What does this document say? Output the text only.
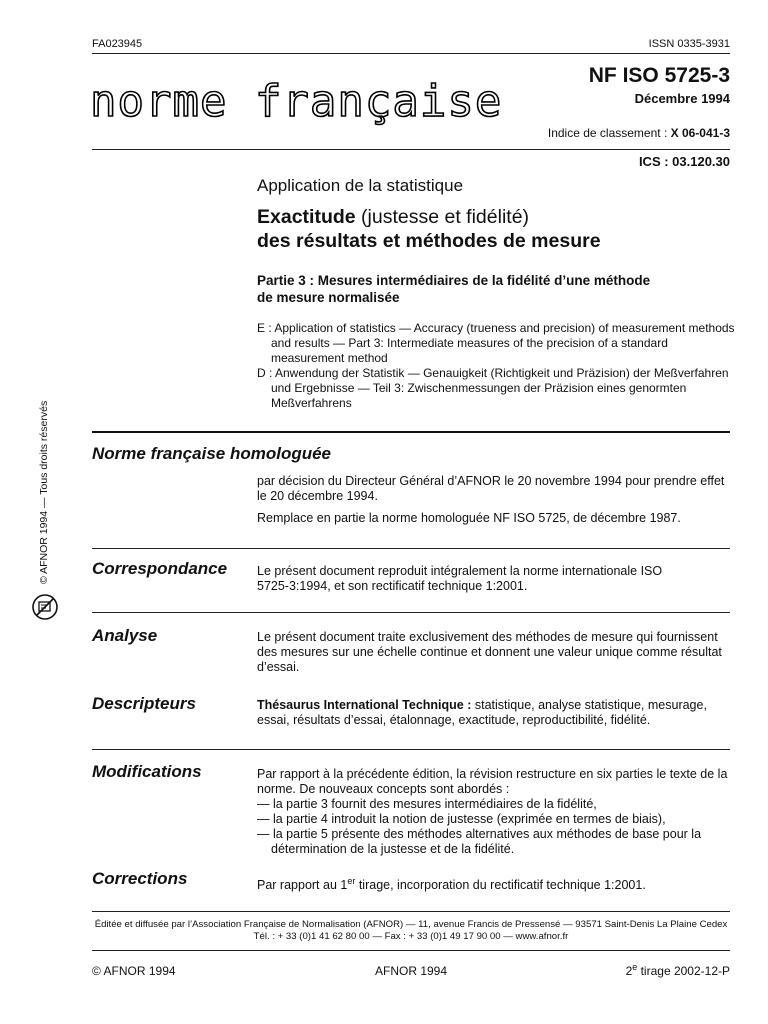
FA023945	ISSN 0335-3931
norme française
NF ISO 5725-3
Décembre 1994
Indice de classement : X 06-041-3
ICS : 03.120.30
Application de la statistique
Exactitude (justesse et fidélité)
des résultats et méthodes de mesure
Partie 3 : Mesures intermédiaires de la fidélité d’une méthode
de mesure normalisée

E : Application of statistics — Accuracy (trueness and precision) of measurement methods and results — Part 3: Intermediate measures of the precision of a standard measurement method

D : Anwendung der Statistik — Genauigkeit (Richtigkeit und Präzision) der Meßverfahren und Ergebnisse — Teil 3: Zwischenmessungen der Präzision eines genormten Meßverfahrens

© AFNOR 1994 — Tous droits réservés Norme française homologuée
par décision du Directeur Général d’AFNOR le 20 novembre 1994 pour prendre effet le 20 décembre 1994.
Remplace en partie la norme homologuée NF ISO 5725, de décembre 1987.
Correspondance Le présent document reproduit intégralement la norme internationale ISO 5725-3:1994, et son rectificatif technique 1:2001.
Analyse	Le présent document traite exclusivement des méthodes de mesure qui fournissent des mesures sur une échelle continue et donnent une valeur unique comme résultat d’essai.
Descripteurs	Thésaurus International Technique : statistique, analyse statistique, mesurage, essai, résultats d’essai, étalonnage, exactitude, reproductibilité, fidélité.
Modifications	Par rapport à la précédente édition, la révision restructure en six parties le texte de la norme. De nouveaux concepts sont abordés :
— la partie 3 fournit des mesures intermédiaires de la fidélité,
— la partie 4 introduit la notion de justesse (exprimée en termes de biais),
— la partie 5 présente des méthodes alternatives aux méthodes de base pour la détermination de la justesse et de la fidélité.
Corrections	Par rapport au 1er tirage, incorporation du rectificatif technique 1:2001.
Éditée et diffusée par l’Association Française de Normalisation (AFNOR) — 11, avenue Francis de Pressensé — 93571 Saint-Denis La Plaine Cedex
Tél. : + 33 (0)1 41 62 80 00 — Fax : + 33 (0)1 49 17 90 00 — www.afnor.fr
© AFNOR 1994	AFNOR 1994	2e tirage 2002-12-P
